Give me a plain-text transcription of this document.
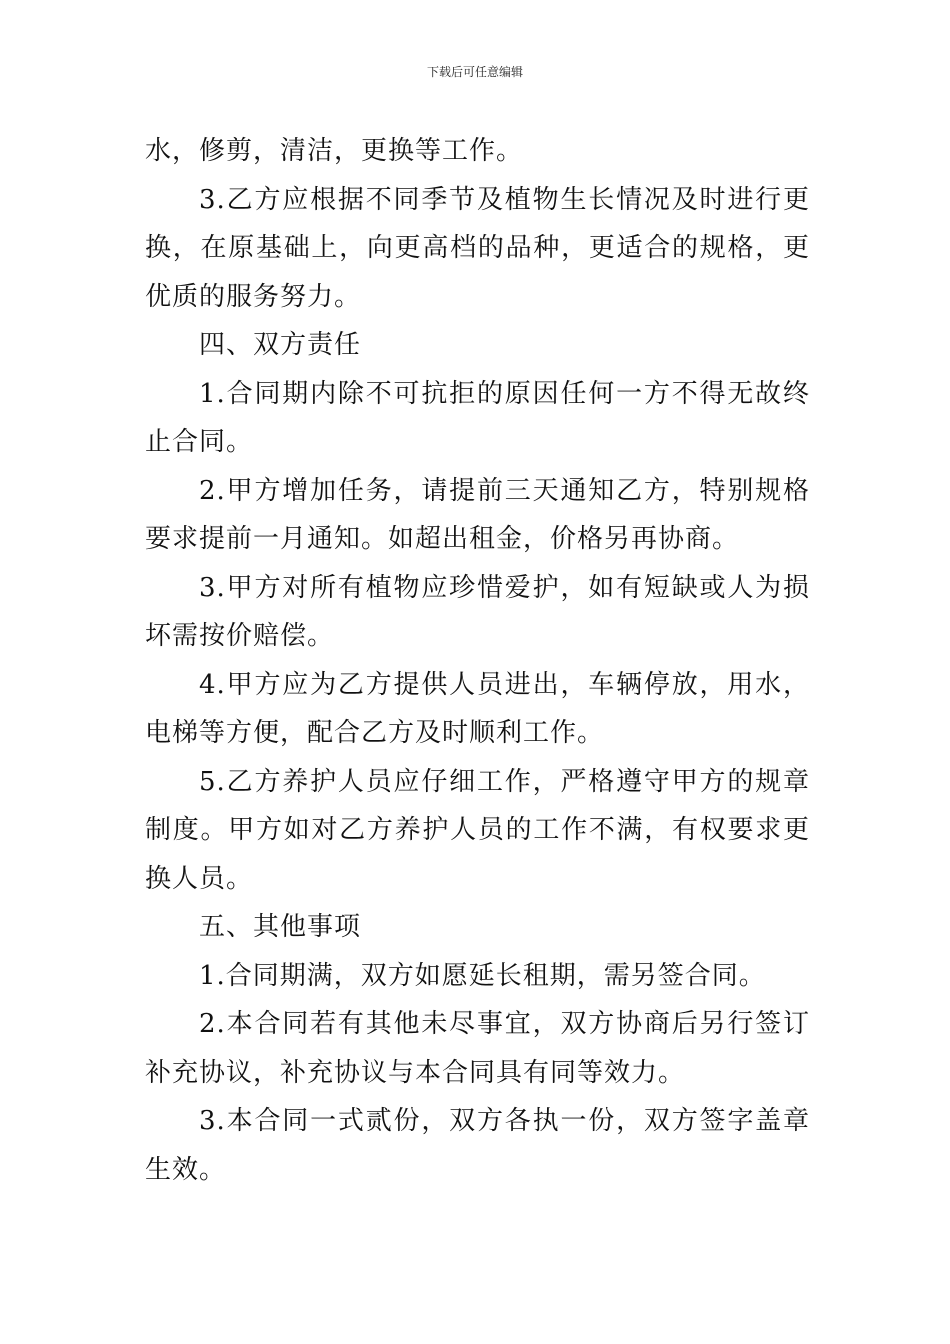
下载后可任意编辑

水，修剪，清洁，更换等工作。

3.乙方应根据不同季节及植物生长情况及时进行更换，在原基础上，向更高档的品种，更适合的规格，更优质的服务努力。

四、双方责任

1.合同期内除不可抗拒的原因任何一方不得无故终止合同。

2.甲方增加任务，请提前三天通知乙方，特别规格要求提前一月通知。如超出租金，价格另再协商。

3.甲方对所有植物应珍惜爱护，如有短缺或人为损坏需按价赔偿。

4.甲方应为乙方提供人员进出，车辆停放，用水，电梯等方便，配合乙方及时顺利工作。

5.乙方养护人员应仔细工作，严格遵守甲方的规章制度。甲方如对乙方养护人员的工作不满，有权要求更换人员。

五、其他事项

1.合同期满，双方如愿延长租期，需另签合同。

2.本合同若有其他未尽事宜，双方协商后另行签订补充协议，补充协议与本合同具有同等效力。

3.本合同一式贰份，双方各执一份，双方签字盖章生效。
